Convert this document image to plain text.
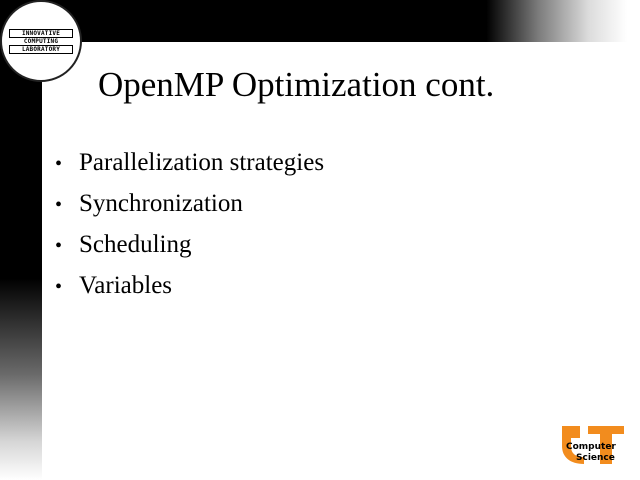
INNOVATIVE
COMPUTING
LABORATORY
OpenMP Optimization cont.
• Parallelization strategies
• Synchronization
• Scheduling
• Variables
Computer
Science
